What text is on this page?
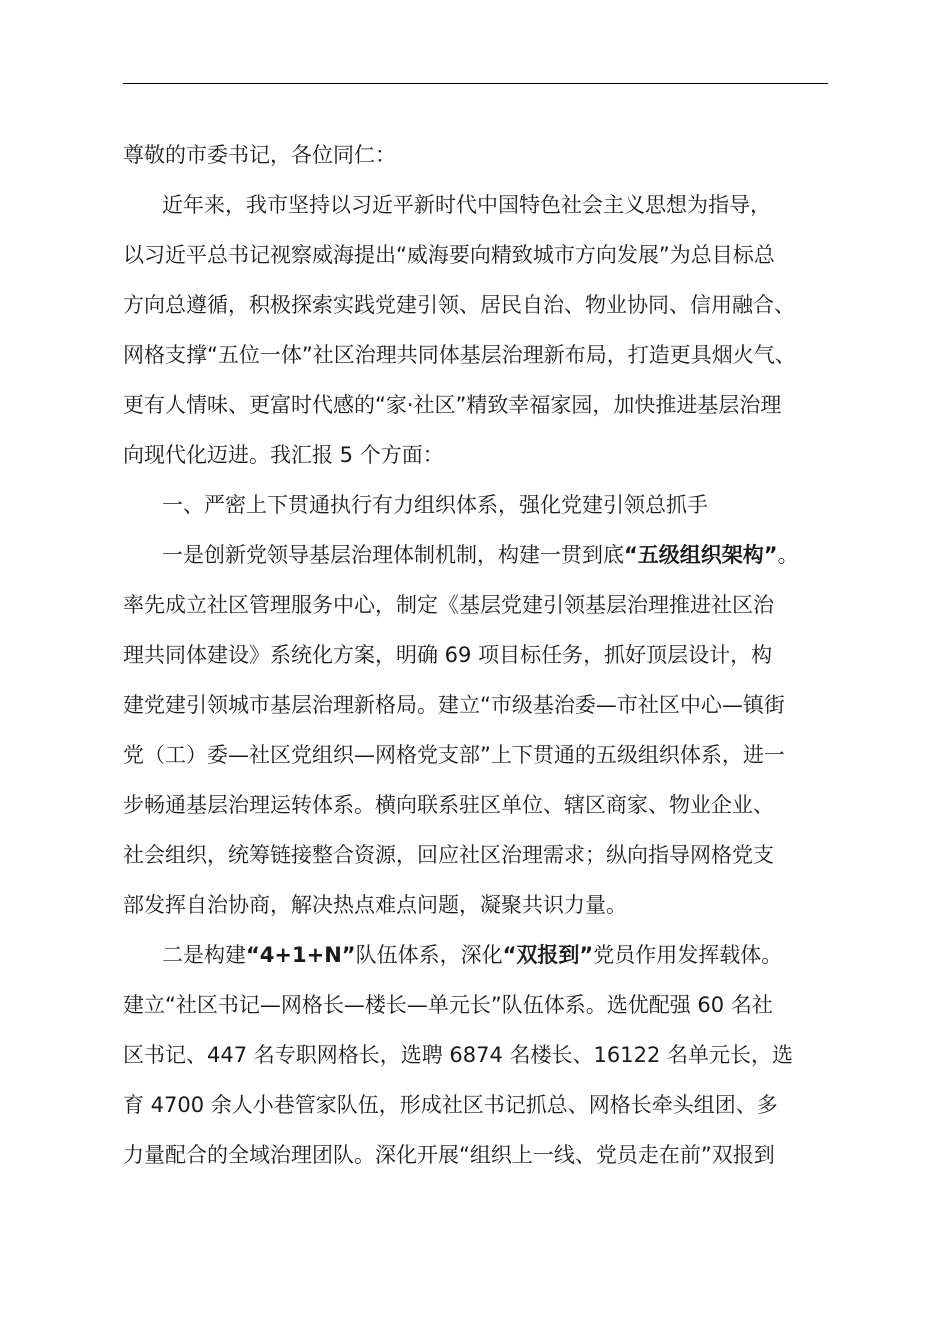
尊敬的市委书记，各位同仁：
近年来，我市坚持以习近平新时代中国特色社会主义思想为指导，
以习近平总书记视察威海提出“威海要向精致城市方向发展”为总目标总
方向总遵循，积极探索实践党建引领、居民自治、物业协同、信用融合、
网格支撑“五位一体”社区治理共同体基层治理新布局，打造更具烟火气、
更有人情味、更富时代感的“家·社区”精致幸福家园，加快推进基层治理
向现代化迈进。我汇报 5 个方面：
一、严密上下贯通执行有力组织体系，强化党建引领总抓手
一是创新党领导基层治理体制机制，构建一贯到底“五级组织架构”。
率先成立社区管理服务中心，制定《基层党建引领基层治理推进社区治
理共同体建设》系统化方案，明确 69 项目标任务，抓好顶层设计，构
建党建引领城市基层治理新格局。建立“市级基治委—市社区中心—镇街
党（工）委—社区党组织—网格党支部”上下贯通的五级组织体系，进一
步畅通基层治理运转体系。横向联系驻区单位、辖区商家、物业企业、
社会组织，统筹链接整合资源，回应社区治理需求；纵向指导网格党支
部发挥自治协商，解决热点难点问题，凝聚共识力量。
二是构建“4+1+N”队伍体系，深化“双报到”党员作用发挥载体。
建立“社区书记—网格长—楼长—单元长”队伍体系。选优配强 60 名社
区书记、447 名专职网格长，选聘 6874 名楼长、16122 名单元长，选
育 4700 余人小巷管家队伍，形成社区书记抓总、网格长牵头组团、多
力量配合的全域治理团队。深化开展“组织上一线、党员走在前”双报到
